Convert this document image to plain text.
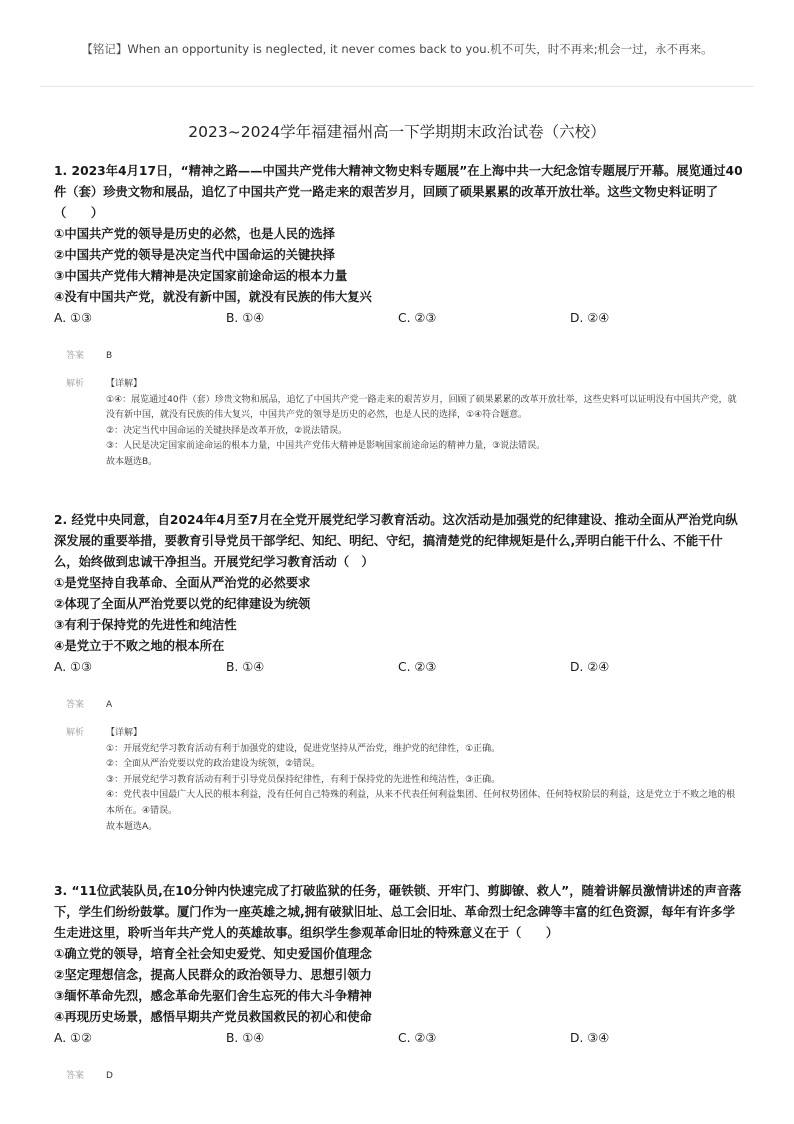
【铭记】When an opportunity is neglected, it never comes back to you.机不可失，时不再来;机会一过，永不再来。
2023~2024学年福建福州高一下学期期末政治试卷（六校）
1. 2023年4月17日，“精神之路——中国共产党伟大精神文物史料专题展”在上海中共一大纪念馆专题展厅开幕。展览通过40件（套）珍贵文物和展品，追忆了中国共产党一路走来的艰苦岁月，回顾了硕果累累的改革开放壮举。这些文物史料证明了（　　）
①中国共产党的领导是历史的必然，也是人民的选择
②中国共产党的领导是决定当代中国命运的关键抉择
③中国共产党伟大精神是决定国家前途命运的根本力量
④没有中国共产党，就没有新中国，就没有民族的伟大复兴
A. ①③	B. ①④	C. ②③	D. ②④
答案 B
解析 【详解】
①④：展览通过40件（套）珍贵文物和展品，追忆了中国共产党一路走来的艰苦岁月，回顾了硕果累累的改革开放壮举，这些史料可以证明没有中国共产党，就没有新中国，就没有民族的伟大复兴，中国共产党的领导是历史的必然，也是人民的选择，①④符合题意。
②：决定当代中国命运的关键抉择是改革开放，②说法错误。
③：人民是决定国家前途命运的根本力量，中国共产党伟大精神是影响国家前途命运的精神力量，③说法错误。
故本题选B。
2. 经党中央同意，自2024年4月至7月在全党开展党纪学习教育活动。这次活动是加强党的纪律建设、推动全面从严治党向纵深发展的重要举措，要教育引导党员干部学纪、知纪、明纪、守纪，搞清楚党的纪律规矩是什么,弄明白能干什么、不能干什么，始终做到忠诚干净担当。开展党纪学习教育活动（　）
①是党坚持自我革命、全面从严治党的必然要求
②体现了全面从严治党要以党的纪律建设为统领
③有利于保持党的先进性和纯洁性
④是党立于不败之地的根本所在
A. ①③	B. ①④	C. ②③	D. ②④
答案 A
解析 【详解】
①：开展党纪学习教育活动有利于加强党的建设，促进党坚持从严治党，维护党的纪律性，①正确。
②：全面从严治党要以党的政治建设为统领，②错误。
③：开展党纪学习教育活动有利于引导党员保持纪律性，有利于保持党的先进性和纯洁性，③正确。
④：党代表中国最广大人民的根本利益，没有任何自己特殊的利益，从来不代表任何利益集团、任何权势团体、任何特权阶层的利益，这是党立于不败之地的根本所在。④错误。
故本题选A。
3. “11位武装队员,在10分钟内快速完成了打破监狱的任务，砸铁锁、开牢门、剪脚镣、救人”，随着讲解员激情讲述的声音落下，学生们纷纷鼓掌。厦门作为一座英雄之城,拥有破狱旧址、总工会旧址、革命烈士纪念碑等丰富的红色资源，每年有许多学生走进这里，聆听当年共产党人的英雄故事。组织学生参观革命旧址的特殊意义在于（　　）
①确立党的领导，培育全社会知史爱党、知史爱国价值理念
②坚定理想信念，提高人民群众的政治领导力、思想引领力
③缅怀革命先烈，感念革命先驱们舍生忘死的伟大斗争精神
④再现历史场景，感悟早期共产党员救国救民的初心和使命
A. ①②	B. ①④	C. ②③	D. ③④
答案 D
